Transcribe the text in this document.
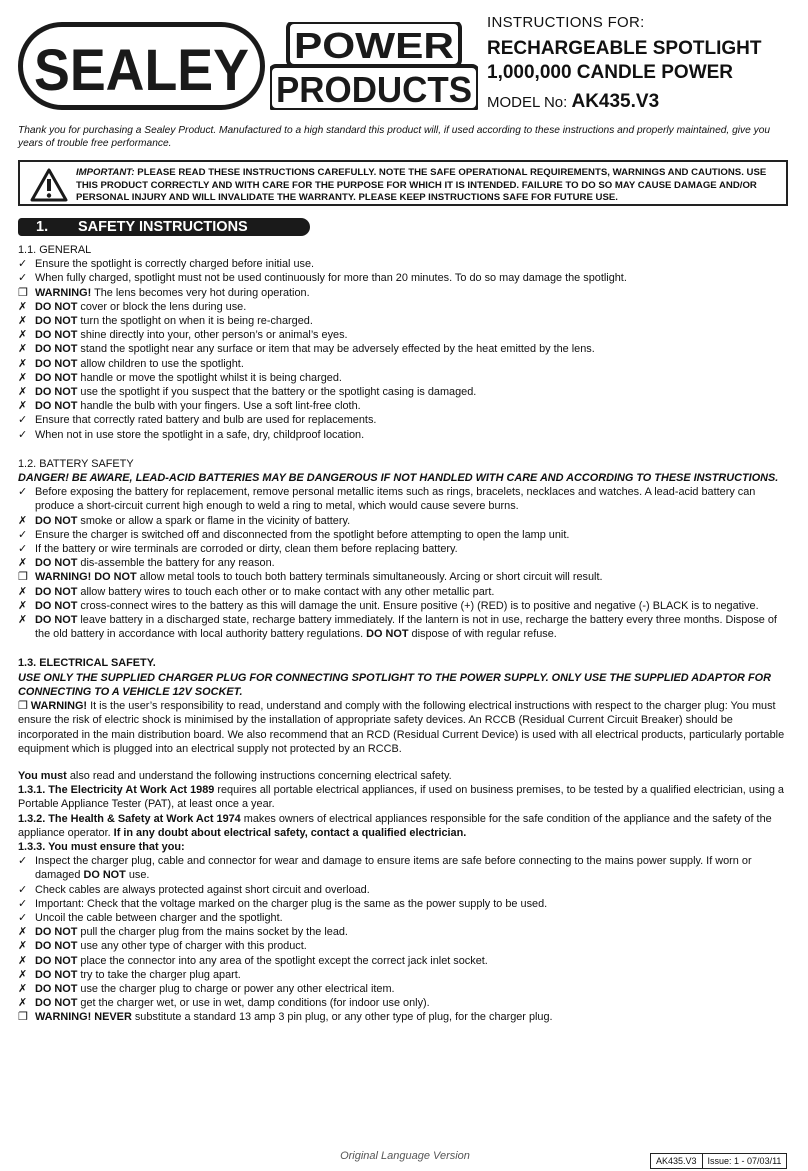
SEALEY POWER
PRODUCTS
INSTRUCTIONS FOR:
RECHARGEABLE SPOTLIGHT
1,000,000 CANDLE POWER
MODEL No: AK435.V3
Thank you for purchasing a Sealey Product. Manufactured to a high standard this product will, if used according to these instructions and properly maintained, give you years of trouble free performance.
IMPORTANT: PLEASE READ THESE INSTRUCTIONS CAREFULLY. NOTE THE SAFE OPERATIONAL REQUIREMENTS, WARNINGS AND CAUTIONS. USE THIS PRODUCT CORRECTLY AND WITH CARE FOR THE PURPOSE FOR WHICH IT IS INTENDED. FAILURE TO DO SO MAY CAUSE DAMAGE AND/OR PERSONAL INJURY AND WILL INVALIDATE THE WARRANTY. PLEASE KEEP INSTRUCTIONS SAFE FOR FUTURE USE.
1. SAFETY INSTRUCTIONS
1.1. GENERAL
✓ Ensure the spotlight is correctly charged before initial use.
✓ When fully charged, spotlight must not be used continuously for more than 20 minutes. To do so may damage the spotlight.
❐ WARNING! The lens becomes very hot during operation.
✗ DO NOT cover or block the lens during use.
✗ DO NOT turn the spotlight on when it is being re-charged.
✗ DO NOT shine directly into your, other person’s or animal’s eyes.
✗ DO NOT stand the spotlight near any surface or item that may be adversely effected by the heat emitted by the lens.
✗ DO NOT allow children to use the spotlight.
✗ DO NOT handle or move the spotlight whilst it is being charged.
✗ DO NOT use the spotlight if you suspect that the battery or the spotlight casing is damaged.
✗ DO NOT handle the bulb with your fingers. Use a soft lint-free cloth.
✓ Ensure that correctly rated battery and bulb are used for replacements.
✓ When not in use store the spotlight in a safe, dry, childproof location.
1.2. BATTERY SAFETY
DANGER! BE AWARE, LEAD-ACID BATTERIES MAY BE DANGEROUS IF NOT HANDLED WITH CARE AND ACCORDING TO THESE INSTRUCTIONS.
✓ Before exposing the battery for replacement, remove personal metallic items such as rings, bracelets, necklaces and watches. A lead-acid battery can produce a short-circuit current high enough to weld a ring to metal, which would cause severe burns.
✗ DO NOT smoke or allow a spark or flame in the vicinity of battery.
✓ Ensure the charger is switched off and disconnected from the spotlight before attempting to open the lamp unit.
✓ If the battery or wire terminals are corroded or dirty, clean them before replacing battery.
✗ DO NOT dis-assemble the battery for any reason.
❐ WARNING! DO NOT allow metal tools to touch both battery terminals simultaneously. Arcing or short circuit will result.
✗ DO NOT allow battery wires to touch each other or to make contact with any other metallic part.
✗ DO NOT cross-connect wires to the battery as this will damage the unit. Ensure positive (+) (RED) is to positive and negative (-) BLACK is to negative.
✗ DO NOT leave battery in a discharged state, recharge battery immediately. If the lantern is not in use, recharge the battery every three months. Dispose of the old battery in accordance with local authority battery regulations. DO NOT dispose of with regular refuse.
1.3. ELECTRICAL SAFETY.
USE ONLY THE SUPPLIED CHARGER PLUG FOR CONNECTING SPOTLIGHT TO THE POWER SUPPLY. ONLY USE THE SUPPLIED ADAPTOR FOR CONNECTING TO A VEHICLE 12V SOCKET.
❐ WARNING! It is the user’s responsibility to read, understand and comply with the following electrical instructions with respect to the charger plug: You must ensure the risk of electric shock is minimised by the installation of appropriate safety devices. An RCCB (Residual Current Circuit Breaker) should be incorporated in the main distribution board. We also recommend that an RCD (Residual Current Device) is used with all electrical products, particularly portable equipment which is plugged into an electrical supply not protected by an RCCB.
You must also read and understand the following instructions concerning electrical safety.
1.3.1. The Electricity At Work Act 1989 requires all portable electrical appliances, if used on business premises, to be tested by a qualified electrician, using a Portable Appliance Tester (PAT), at least once a year.
1.3.2. The Health & Safety at Work Act 1974 makes owners of electrical appliances responsible for the safe condition of the appliance and the safety of the appliance operator. If in any doubt about electrical safety, contact a qualified electrician.
1.3.3. You must ensure that you:
✓ Inspect the charger plug, cable and connector for wear and damage to ensure items are safe before connecting to the mains power supply. If worn or damaged DO NOT use.
✓ Check cables are always protected against short circuit and overload.
✓ Important: Check that the voltage marked on the charger plug is the same as the power supply to be used.
✓ Uncoil the cable between charger and the spotlight.
✗ DO NOT pull the charger plug from the mains socket by the lead.
✗ DO NOT use any other type of charger with this product.
✗ DO NOT place the connector into any area of the spotlight except the correct jack inlet socket.
✗ DO NOT try to take the charger plug apart.
✗ DO NOT use the charger plug to charge or power any other electrical item.
✗ DO NOT get the charger wet, or use in wet, damp conditions (for indoor use only).
❐ WARNING! NEVER substitute a standard 13 amp 3 pin plug, or any other type of plug, for the charger plug.
Original Language Version	AK435.V3	Issue: 1 - 07/03/11
